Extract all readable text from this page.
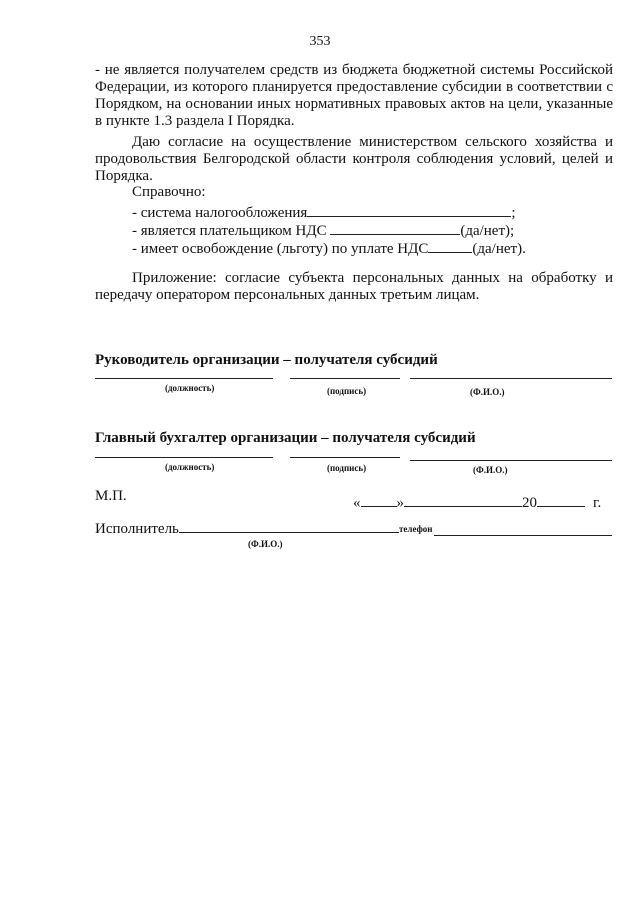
353
- не является получателем средств из бюджета бюджетной системы Российской Федерации, из которого планируется предоставление субсидии в соответствии с Порядком, на основании иных нормативных правовых актов на цели, указанные в пункте 1.3 раздела I Порядка.
Даю согласие на осуществление министерством сельского хозяйства и продовольствия Белгородской области контроля соблюдения условий, целей и Порядка.
Справочно:
- система налогообложения	;
- является плательщиком НДС	(да/нет);
- имеет освобождение (льготу) по уплате НДС	(да/нет).
Приложение: согласие субъекта персональных данных на обработку и передачу оператором персональных данных третьим лицам.
Руководитель организации – получателя субсидий
(должность)	(подпись)	(Ф.И.О.)
Главный бухгалтер организации – получателя субсидий
(должность)	(подпись)	(Ф.И.О.)
М.П.	« »	20	г.
Исполнитель	телефон
(Ф.И.О.)
